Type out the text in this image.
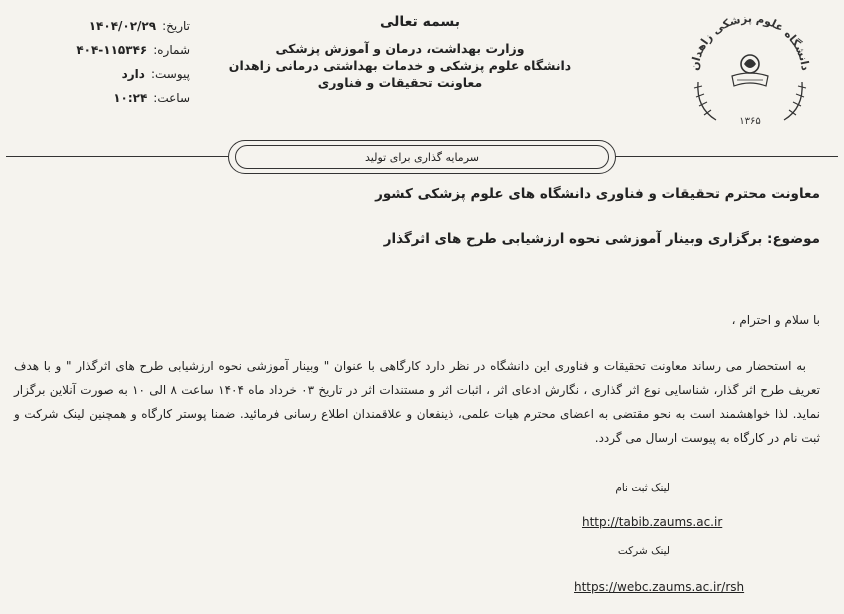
بسمه تعالی
وزارت بهداشت، درمان و آموزش پزشکی
دانشگاه علوم پزشکی و خدمات بهداشتی درمانی زاهدان
معاونت تحقیقات و فناوری
تاریخ:
۱۴۰۴/۰۲/۲۹
شماره:
۴۰۴-۱۱۵۳۴۶
پیوست:
دارد
ساعت:
۱۰:۲۴
دانشگاه علوم پزشکی زاهدان
۱۳۶۵
سرمایه گذاری برای تولید
معاونت محترم تحقیقات و فناوری دانشگاه های علوم پزشکی کشور
موضوع: برگزاری وبینار آموزشی نحوه ارزشیابی طرح های اثرگذار
با سلام و احترام ،

به استحضار می رساند معاونت تحقیقات و فناوری این دانشگاه در نظر دارد کارگاهی با عنوان " وبینار آموزشی نحوه ارزشیابی طرح های اثرگذار " و با هدف تعریف طرح اثر گذار، شناسایی نوع اثر گذاری ، نگارش ادعای اثر ، اثبات اثر و مستندات اثر در تاریخ ۰۳ خرداد ماه ۱۴۰۴ ساعت ۸ الی ۱۰ به صورت آنلاین برگزار نماید. لذا خواهشمند است به نحو مقتضی به اعضای محترم هیات علمی، ذینفعان و علاقمندان اطلاع رسانی فرمائید. ضمنا پوستر کارگاه و همچنین لینک شرکت و ثبت نام در کارگاه به پیوست ارسال می گردد.

لینک ثبت نام
http://tabib.zaums.ac.ir
لینک شرکت
https://webc.zaums.ac.ir/rsh
